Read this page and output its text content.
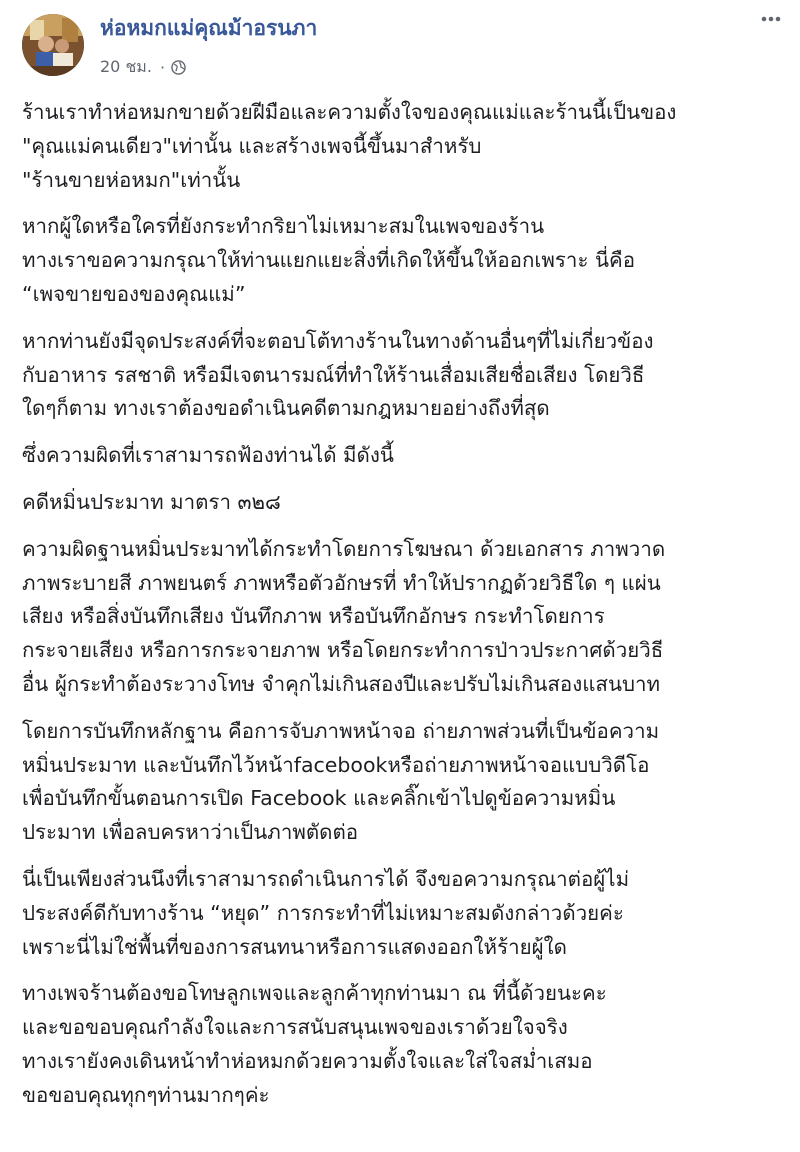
ห่อหมกแม่คุณม้าอรนภา
20 ชม. ·
ร้านเราทำห่อหมกขายด้วยฝีมือและความตั้งใจของคุณแม่และร้านนี้เป็นของ
"คุณแม่คนเดียว"เท่านั้น และสร้างเพจนี้ขึ้นมาสำหรับ
"ร้านขายห่อหมก"เท่านั้น
หากผู้ใดหรือใครที่ยังกระทำกริยาไม่เหมาะสมในเพจของร้าน
ทางเราขอความกรุณาให้ท่านแยกแยะสิ่งที่เกิดให้ขึ้นให้ออกเพราะ นี่คือ
“เพจขายของของคุณแม่”
หากท่านยังมีจุดประสงค์ที่จะตอบโต้ทางร้านในทางด้านอื่นๆที่ไม่เกี่ยวข้อง
กับอาหาร รสชาติ หรือมีเจตนารมณ์ที่ทำให้ร้านเสื่อมเสียชื่อเสียง โดยวิธี
ใดๆก็ตาม ทางเราต้องขอดำเนินคดีตามกฎหมายอย่างถึงที่สุด
ซึ่งความผิดที่เราสามารถฟ้องท่านได้ มีดังนี้
คดีหมิ่นประมาท มาตรา ๓๒๘
ความผิดฐานหมิ่นประมาทได้กระทำโดยการโฆษณา ด้วยเอกสาร ภาพวาด
ภาพระบายสี ภาพยนตร์ ภาพหรือตัวอักษรที่ ทำให้ปรากฏด้วยวิธีใด ๆ แผ่น
เสียง หรือสิ่งบันทึกเสียง บันทึกภาพ หรือบันทึกอักษร กระทำโดยการ
กระจายเสียง หรือการกระจายภาพ หรือโดยกระทำการป่าวประกาศด้วยวิธี
อื่น ผู้กระทำต้องระวางโทษ จำคุกไม่เกินสองปีและปรับไม่เกินสองแสนบาท
โดยการบันทึกหลักฐาน คือการจับภาพหน้าจอ ถ่ายภาพส่วนที่เป็นข้อความ
หมิ่นประมาท และบันทึกไว้หน้าfacebookหรือถ่ายภาพหน้าจอแบบวิดีโอ
เพื่อบันทึกขั้นตอนการเปิด Facebook และคลิ๊กเข้าไปดูข้อความหมิ่น
ประมาท เพื่อลบครหาว่าเป็นภาพตัดต่อ
นี่เป็นเพียงส่วนนึงที่เราสามารถดำเนินการได้ จึงขอความกรุณาต่อผู้ไม่
ประสงค์ดีกับทางร้าน “หยุด” การกระทำที่ไม่เหมาะสมดังกล่าวด้วยค่ะ
เพราะนี่ไม่ใช่พื้นที่ของการสนทนาหรือการแสดงออกให้ร้ายผู้ใด
ทางเพจร้านต้องขอโทษลูกเพจและลูกค้าทุกท่านมา ณ ที่นี้ด้วยนะคะ
และขอขอบคุณกำลังใจและการสนับสนุนเพจของเราด้วยใจจริง
ทางเรายังคงเดินหน้าทำห่อหมกด้วยความตั้งใจและใส่ใจสม่ำเสมอ
ขอขอบคุณทุกๆท่านมากๆค่ะ
